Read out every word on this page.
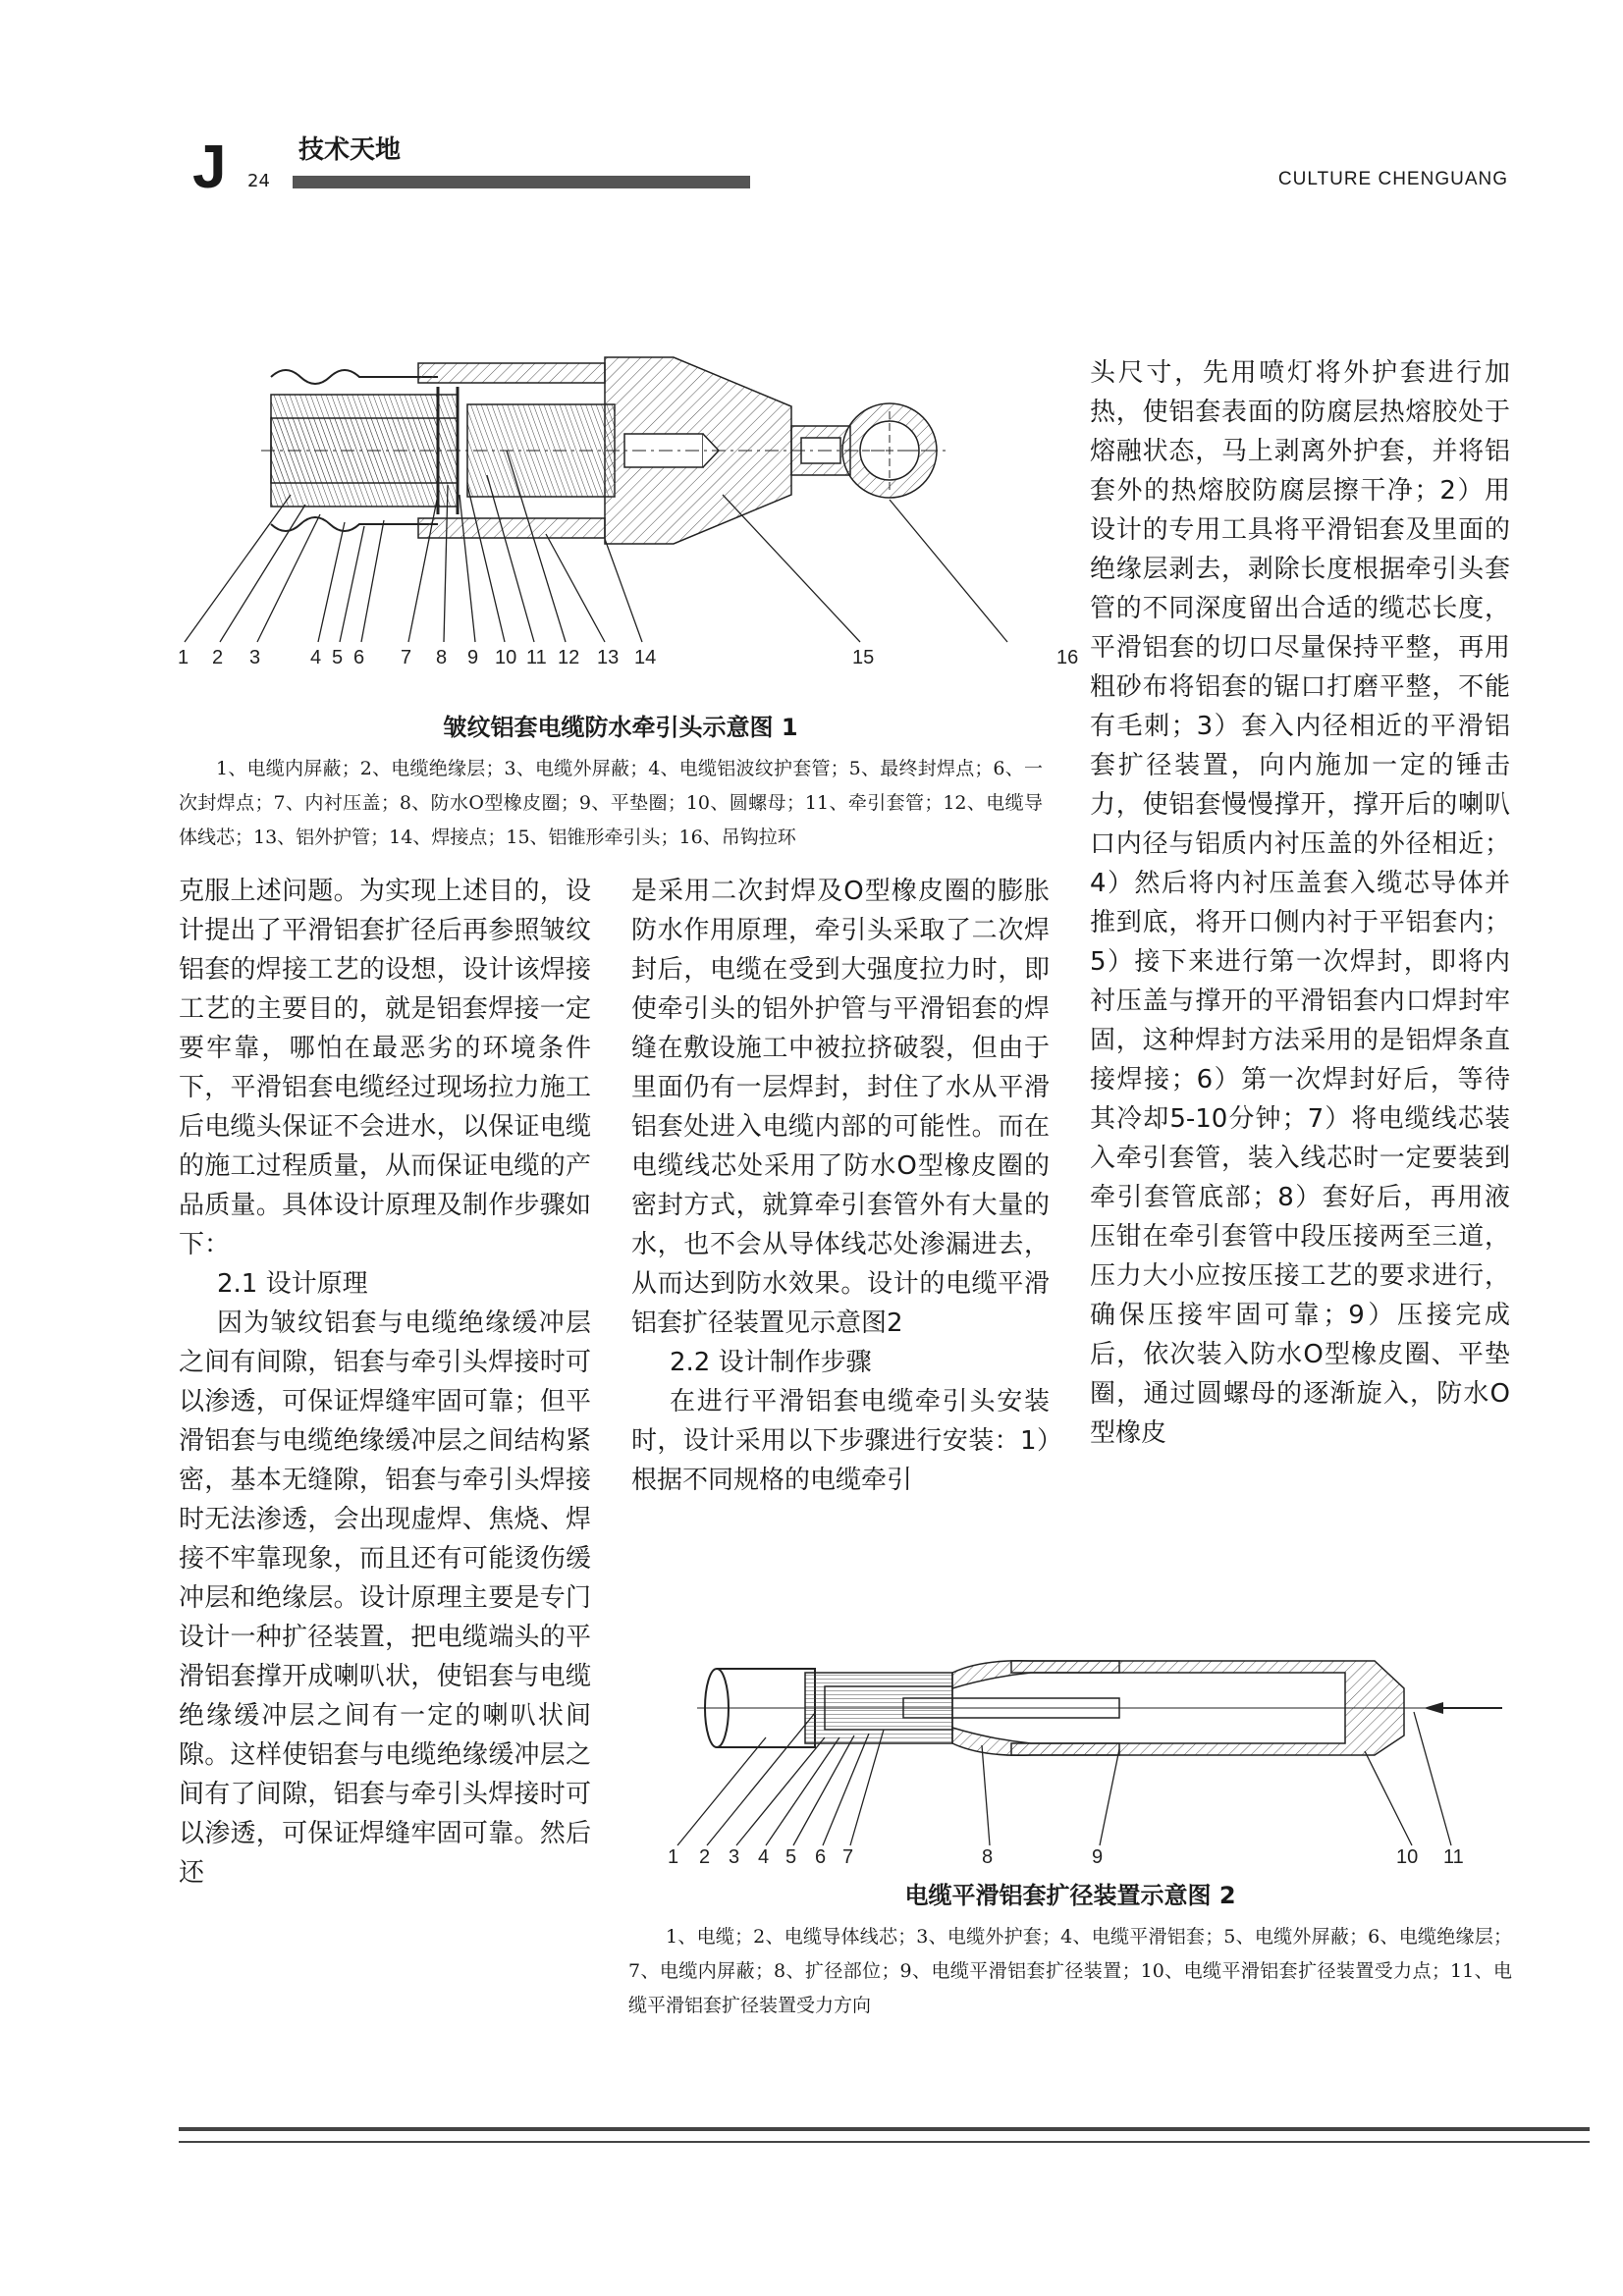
J 24
技术天地
CULTURE CHENGUANG
1 2 3	4 5 6 7 8 9 10 11 12 13 14	15	16
皱纹铝套电缆防水牵引头示意图 1
1、电缆内屏蔽；2、电缆绝缘层；3、电缆外屏蔽；4、电缆铝波纹护套管；5、最终封焊点；6、一次封焊点；7、内衬压盖；8、防水O型橡皮圈；9、平垫圈；10、圆螺母；11、牵引套管；12、电缆导体线芯；13、铝外护管；14、焊接点；15、铝锥形牵引头；16、吊钩拉环

克服上述问题。为实现上述目的，设计提出了平滑铝套扩径后再参照皱纹铝套的焊接工艺的设想，设计该焊接工艺的主要目的，就是铝套焊接一定要牢靠，哪怕在最恶劣的环境条件下，平滑铝套电缆经过现场拉力施工后电缆头保证不会进水，以保证电缆的施工过程质量，从而保证电缆的产品质量。具体设计原理及制作步骤如下：

2.1 设计原理

因为皱纹铝套与电缆绝缘缓冲层之间有间隙，铝套与牵引头焊接时可以渗透，可保证焊缝牢固可靠；但平滑铝套与电缆绝缘缓冲层之间结构紧密，基本无缝隙，铝套与牵引头焊接时无法渗透，会出现虚焊、焦烧、焊接不牢靠现象，而且还有可能烫伤缓冲层和绝缘层。设计原理主要是专门设计一种扩径装置，把电缆端头的平滑铝套撑开成喇叭状，使铝套与电缆绝缘缓冲层之间有一定的喇叭状间隙。这样使铝套与电缆绝缘缓冲层之间有了间隙，铝套与牵引头焊接时可以渗透，可保证焊缝牢固可靠。然后还

是采用二次封焊及O型橡皮圈的膨胀防水作用原理，牵引头采取了二次焊封后，电缆在受到大强度拉力时，即使牵引头的铝外护管与平滑铝套的焊缝在敷设施工中被拉挤破裂，但由于里面仍有一层焊封，封住了水从平滑铝套处进入电缆内部的可能性。而在电缆线芯处采用了防水O型橡皮圈的密封方式，就算牵引套管外有大量的水，也不会从导体线芯处渗漏进去，从而达到防水效果。设计的电缆平滑铝套扩径装置见示意图2

2.2 设计制作步骤

在进行平滑铝套电缆牵引头安装时，设计采用以下步骤进行安装：1）根据不同规格的电缆牵引

头尺寸，先用喷灯将外护套进行加热，使铝套表面的防腐层热熔胶处于熔融状态，马上剥离外护套，并将铝套外的热熔胶防腐层擦干净；2）用设计的专用工具将平滑铝套及里面的绝缘层剥去，剥除长度根据牵引头套管的不同深度留出合适的缆芯长度，平滑铝套的切口尽量保持平整，再用粗砂布将铝套的锯口打磨平整，不能有毛刺；3）套入内径相近的平滑铝套扩径装置，向内施加一定的锤击力，使铝套慢慢撑开，撑开后的喇叭口内径与铝质内衬压盖的外径相近；4）然后将内衬压盖套入缆芯导体并推到底，将开口侧内衬于平铝套内；5）接下来进行第一次焊封，即将内衬压盖与撑开的平滑铝套内口焊封牢固，这种焊封方法采用的是铝焊条直接焊接；6）第一次焊封好后，等待其冷却5-10分钟；7）将电缆线芯装入牵引套管，装入线芯时一定要装到牵引套管底部；8）套好后，再用液压钳在牵引套管中段压接两至三道，压力大小应按压接工艺的要求进行，确保压接牢固可靠；9）压接完成后，依次装入防水O型橡皮圈、平垫圈，通过圆螺母的逐渐旋入，防水O型橡皮

1 2 3 4 5 6 7	8	9	10 11
电缆平滑铝套扩径装置示意图 2
1、电缆；2、电缆导体线芯；3、电缆外护套；4、电缆平滑铝套；5、电缆外屏蔽；6、电缆绝缘层；7、电缆内屏蔽；8、扩径部位；9、电缆平滑铝套扩径装置；10、电缆平滑铝套扩径装置受力点；11、电缆平滑铝套扩径装置受力方向
